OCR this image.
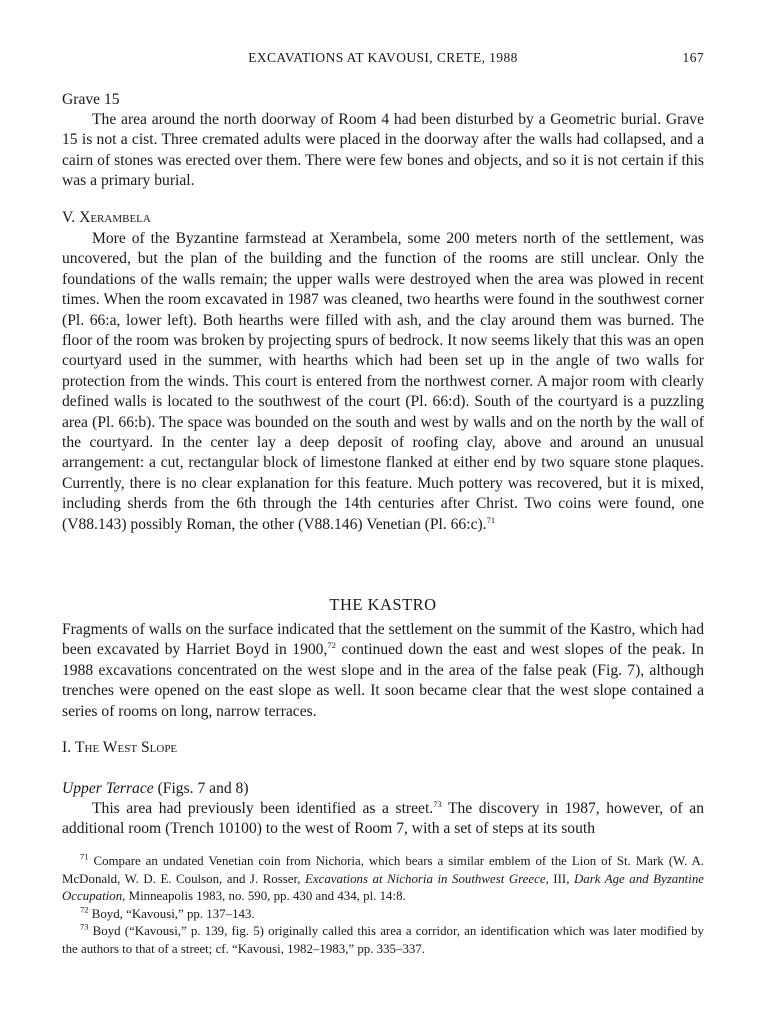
EXCAVATIONS AT KAVOUSI, CRETE, 1988	167
Grave 15

The area around the north doorway of Room 4 had been disturbed by a Geometric burial. Grave 15 is not a cist. Three cremated adults were placed in the doorway after the walls had collapsed, and a cairn of stones was erected over them. There were few bones and objects, and so it is not certain if this was a primary burial.

V. Xerambela

More of the Byzantine farmstead at Xerambela, some 200 meters north of the settlement, was uncovered, but the plan of the building and the function of the rooms are still unclear. Only the foundations of the walls remain; the upper walls were destroyed when the area was plowed in recent times. When the room excavated in 1987 was cleaned, two hearths were found in the southwest corner (Pl. 66:a, lower left). Both hearths were filled with ash, and the clay around them was burned. The floor of the room was broken by projecting spurs of bedrock. It now seems likely that this was an open courtyard used in the summer, with hearths which had been set up in the angle of two walls for protection from the winds. This court is entered from the northwest corner. A major room with clearly defined walls is located to the southwest of the court (Pl. 66:d). South of the courtyard is a puzzling area (Pl. 66:b). The space was bounded on the south and west by walls and on the north by the wall of the courtyard. In the center lay a deep deposit of roofing clay, above and around an unusual arrangement: a cut, rectangular block of limestone flanked at either end by two square stone plaques. Currently, there is no clear explanation for this feature. Much pottery was recovered, but it is mixed, including sherds from the 6th through the 14th centuries after Christ. Two coins were found, one (V88.143) possibly Roman, the other (V88.146) Venetian (Pl. 66:c).$^{71}$

THE KASTRO

Fragments of walls on the surface indicated that the settlement on the summit of the Kastro, which had been excavated by Harriet Boyd in 1900,72 continued down the east and west slopes of the peak. In 1988 excavations concentrated on the west slope and in the area of the false peak (Fig. 7), although trenches were opened on the east slope as well. It soon became clear that the west slope contained a series of rooms on long, narrow terraces.

I. The West Slope
Upper Terrace (Figs. 7 and 8)

This area had previously been identified as a street.$^{73}$ The discovery in 1987, however, of an additional room (Trench 10100) to the west of Room 7, with a set of steps at its south

$^{71}$ Compare an undated Venetian coin from Nichoria, which bears a similar emblem of the Lion of St. Mark (W. A. McDonald, W. D. E. Coulson, and J. Rosser, Excavations at Nichoria in Southwest Greece, III, Dark Age and Byzantine Occupation, Minneapolis 1983, no. 590, pp. 430 and 434, pl. 14:8.

$^{72}$ Boyd, “Kavousi,” pp. 137–143.

$^{73}$ Boyd (“Kavousi,” p. 139, fig. 5) originally called this area a corridor, an identification which was later modified by the authors to that of a street; cf. “Kavousi, 1982–1983,” pp. 335–337.
